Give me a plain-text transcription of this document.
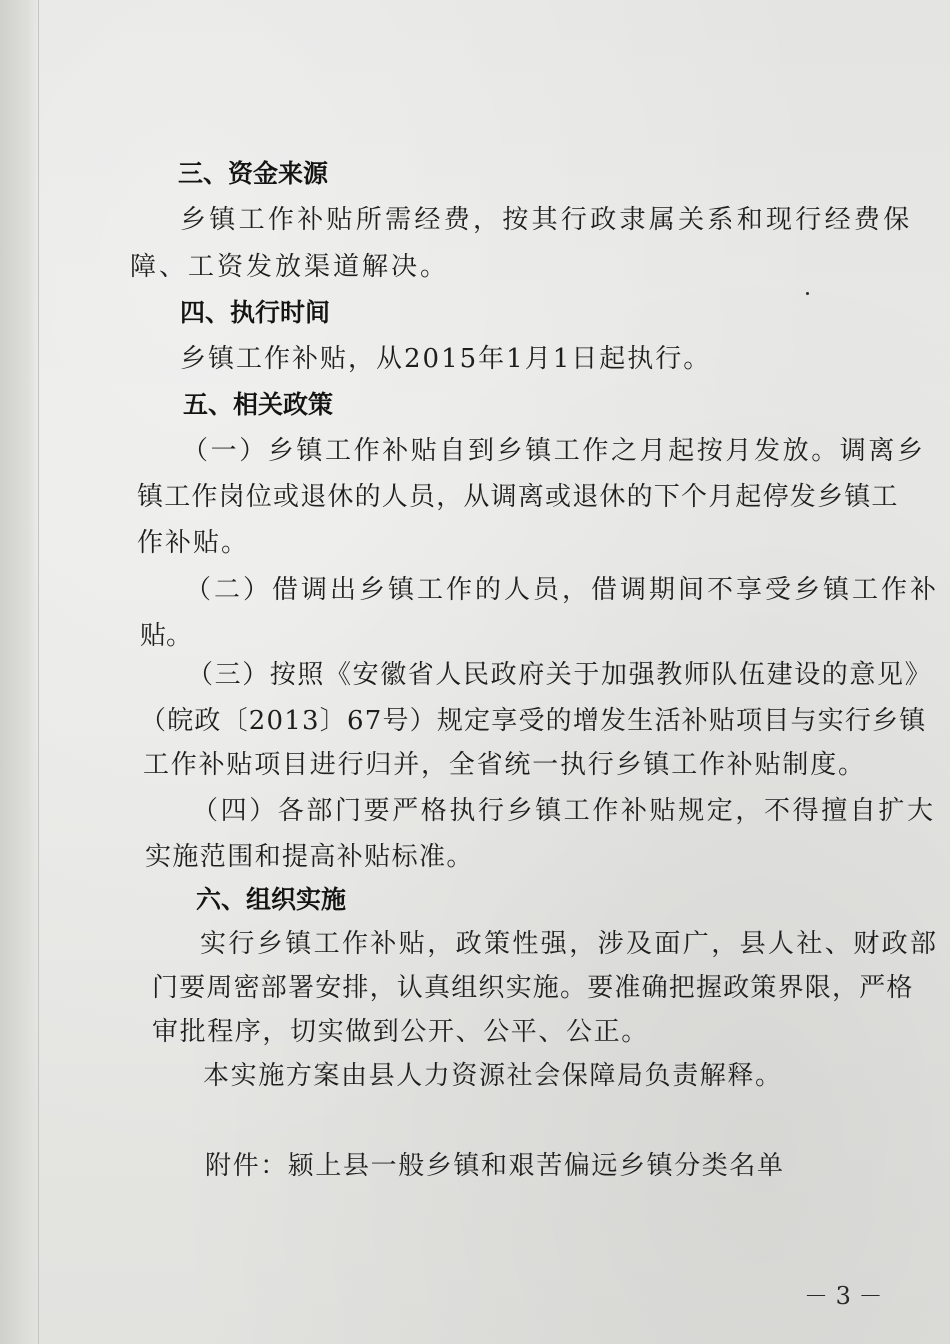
三、资金来源
乡镇工作补贴所需经费，按其行政隶属关系和现行经费保
障、工资发放渠道解决。
四、执行时间
乡镇工作补贴，从2015年1月1日起执行。
五、相关政策
（一）乡镇工作补贴自到乡镇工作之月起按月发放。调离乡
镇工作岗位或退休的人员，从调离或退休的下个月起停发乡镇工
作补贴。
（二）借调出乡镇工作的人员，借调期间不享受乡镇工作补
贴。
（三）按照《安徽省人民政府关于加强教师队伍建设的意见》
（皖政〔2013〕67号）规定享受的增发生活补贴项目与实行乡镇
工作补贴项目进行归并，全省统一执行乡镇工作补贴制度。
（四）各部门要严格执行乡镇工作补贴规定，不得擅自扩大
实施范围和提高补贴标准。
六、组织实施
实行乡镇工作补贴，政策性强，涉及面广，县人社、财政部
门要周密部署安排，认真组织实施。要准确把握政策界限，严格
审批程序，切实做到公开、公平、公正。
本实施方案由县人力资源社会保障局负责解释。
附件：颍上县一般乡镇和艰苦偏远乡镇分类名单
－ 3 －
